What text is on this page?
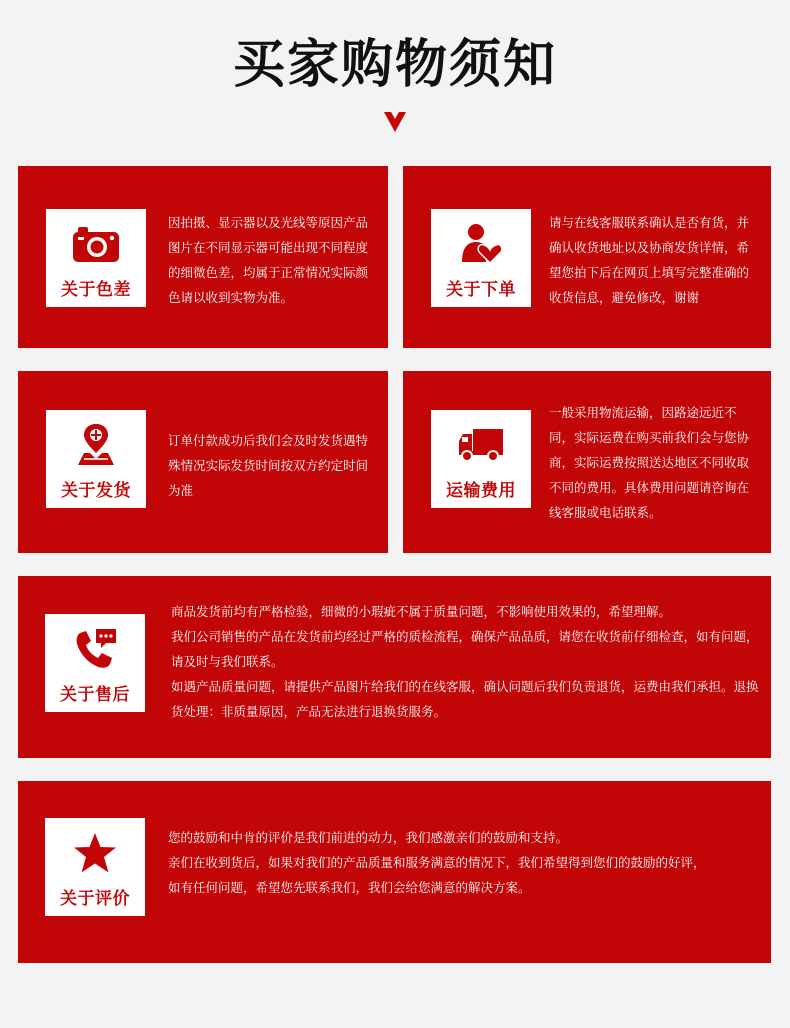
买家购物须知
关于色差
因拍摄、显示器以及光线等原因产品图片在不同显示器可能出现不同程度的细微色差，均属于正常情况实际颜色请以收到实物为准。	关于下单
请与在线客服联系确认是否有货，并确认收货地址以及协商发货详情，希望您拍下后在网页上填写完整准确的收货信息，避免修改，谢谢
关于发货
订单付款成功后我们会及时发货遇特殊情况实际发货时间按双方约定时间为准	运输费用
一般采用物流运输，因路途远近不同，实际运费在购买前我们会与您协商，实际运费按照送达地区不同收取不同的费用。具体费用问题请咨询在线客服或电话联系。
关于售后

商品发货前均有严格检验，细微的小瑕疵不属于质量问题，不影响使用效果的，希望理解。

我们公司销售的产品在发货前均经过严格的质检流程，确保产品品质，请您在收货前仔细检查，如有问题，请及时与我们联系。

如遇产品质量问题，请提供产品图片给我们的在线客服，确认问题后我们负责退货，运费由我们承担。退换货处理：非质量原因，产品无法进行退换货服务。

关于评价

您的鼓励和中肯的评价是我们前进的动力，我们感激亲们的鼓励和支持。

亲们在收到货后，如果对我们的产品质量和服务满意的情况下，我们希望得到您们的鼓励的好评，

如有任何问题，希望您先联系我们，我们会给您满意的解决方案。
